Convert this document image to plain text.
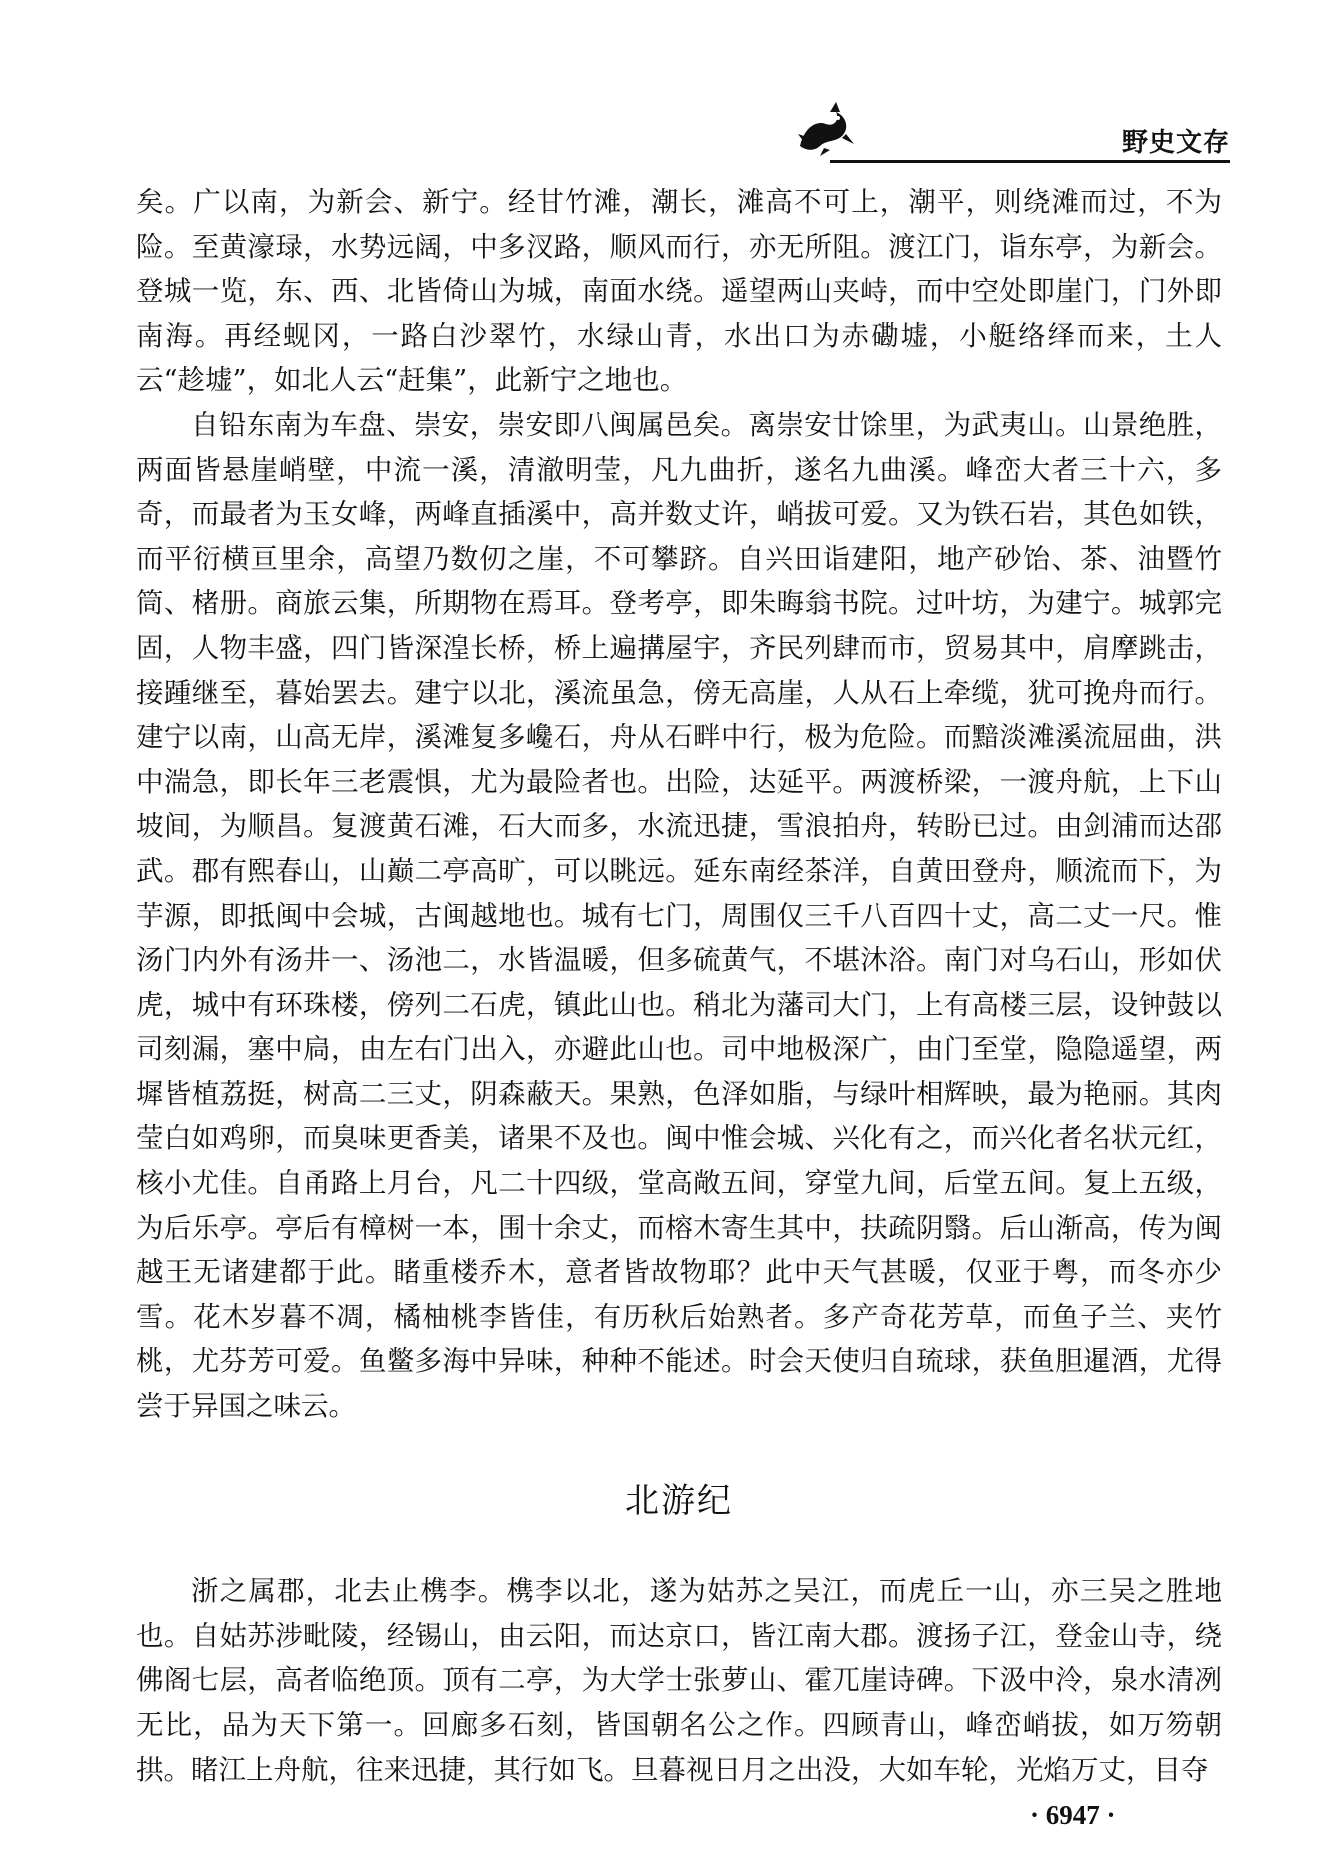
野史文存

矣。广以南，为新会、新宁。经甘竹滩，潮长，滩高不可上，潮平，则绕滩而过，不为险。至黄濠琭，水势远阔，中多汊路，顺风而行，亦无所阻。渡江门，诣东亭，为新会。登城一览，东、西、北皆倚山为城，南面水绕。遥望两山夹峙，而中空处即崖门，门外即南海。再经蚬冈，一路白沙翠竹，水绿山青，水出口为赤磡墟，小艇络绎而来，土人云“趁墟”，如北人云“赶集”，此新宁之地也。

自铅东南为车盘、崇安，崇安即八闽属邑矣。离崇安廿馀里，为武夷山。山景绝胜，两面皆悬崖峭壁，中流一溪，清澈明莹，凡九曲折，遂名九曲溪。峰峦大者三十六，多奇，而最者为玉女峰，两峰直插溪中，高并数丈许，峭拔可爱。又为铁石岩，其色如铁，而平衍横亘里余，高望乃数仞之崖，不可攀跻。自兴田诣建阳，地产砂饴、茶、油暨竹筒、楮册。商旅云集，所期物在焉耳。登考亭，即朱晦翁书院。过叶坊，为建宁。城郭完固，人物丰盛，四门皆深湟长桥，桥上遍搆屋宇，齐民列肆而市，贸易其中，肩摩跳击，接踵继至，暮始罢去。建宁以北，溪流虽急，傍无高崖，人从石上牵缆，犹可挽舟而行。建宁以南，山高无岸，溪滩复多巉石，舟从石畔中行，极为危险。而黯淡滩溪流屈曲，洪中湍急，即长年三老震惧，尤为最险者也。出险，达延平。两渡桥梁，一渡舟航，上下山坡间，为顺昌。复渡黄石滩，石大而多，水流迅捷，雪浪拍舟，转盼已过。由剑浦而达邵武。郡有熙春山，山巅二亭高旷，可以眺远。延东南经茶洋，自黄田登舟，顺流而下，为芋源，即抵闽中会城，古闽越地也。城有七门，周围仅三千八百四十丈，高二丈一尺。惟汤门内外有汤井一、汤池二，水皆温暖，但多硫黄气，不堪沐浴。南门对乌石山，形如伏虎，城中有环珠楼，傍列二石虎，镇此山也。稍北为藩司大门，上有高楼三层，设钟鼓以司刻漏，塞中扃，由左右门出入，亦避此山也。司中地极深广，由门至堂，隐隐遥望，两墀皆植荔挺，树高二三丈，阴森蔽天。果熟，色泽如脂，与绿叶相辉映，最为艳丽。其肉莹白如鸡卵，而臭味更香美，诸果不及也。闽中惟会城、兴化有之，而兴化者名状元红，核小尤佳。自甬路上月台，凡二十四级，堂高敞五间，穿堂九间，后堂五间。复上五级，为后乐亭。亭后有樟树一本，围十余丈，而榕木寄生其中，扶疏阴翳。后山渐高，传为闽越王无诸建都于此。睹重楼乔木，意者皆故物耶？此中天气甚暖，仅亚于粤，而冬亦少雪。花木岁暮不凋，橘柚桃李皆佳，有历秋后始熟者。多产奇花芳草，而鱼子兰、夹竹桃，尤芬芳可爱。鱼鳖多海中异味，种种不能述。时会天使归自琉球，获鱼胆暹酒，尤得尝于异国之味云。

北游纪

浙之属郡，北去止槜李。槜李以北，遂为姑苏之吴江，而虎丘一山，亦三吴之胜地也。自姑苏涉毗陵，经锡山，由云阳，而达京口，皆江南大郡。渡扬子江，登金山寺，绕佛阁七层，高者临绝顶。顶有二亭，为大学士张萝山、霍兀崖诗碑。下汲中泠，泉水清冽无比，品为天下第一。回廊多石刻，皆国朝名公之作。四顾青山，峰峦峭拔，如万笏朝拱。睹江上舟航，往来迅捷，其行如飞。旦暮视日月之出没，大如车轮，光焰万丈，目夺

· 6947 ·
